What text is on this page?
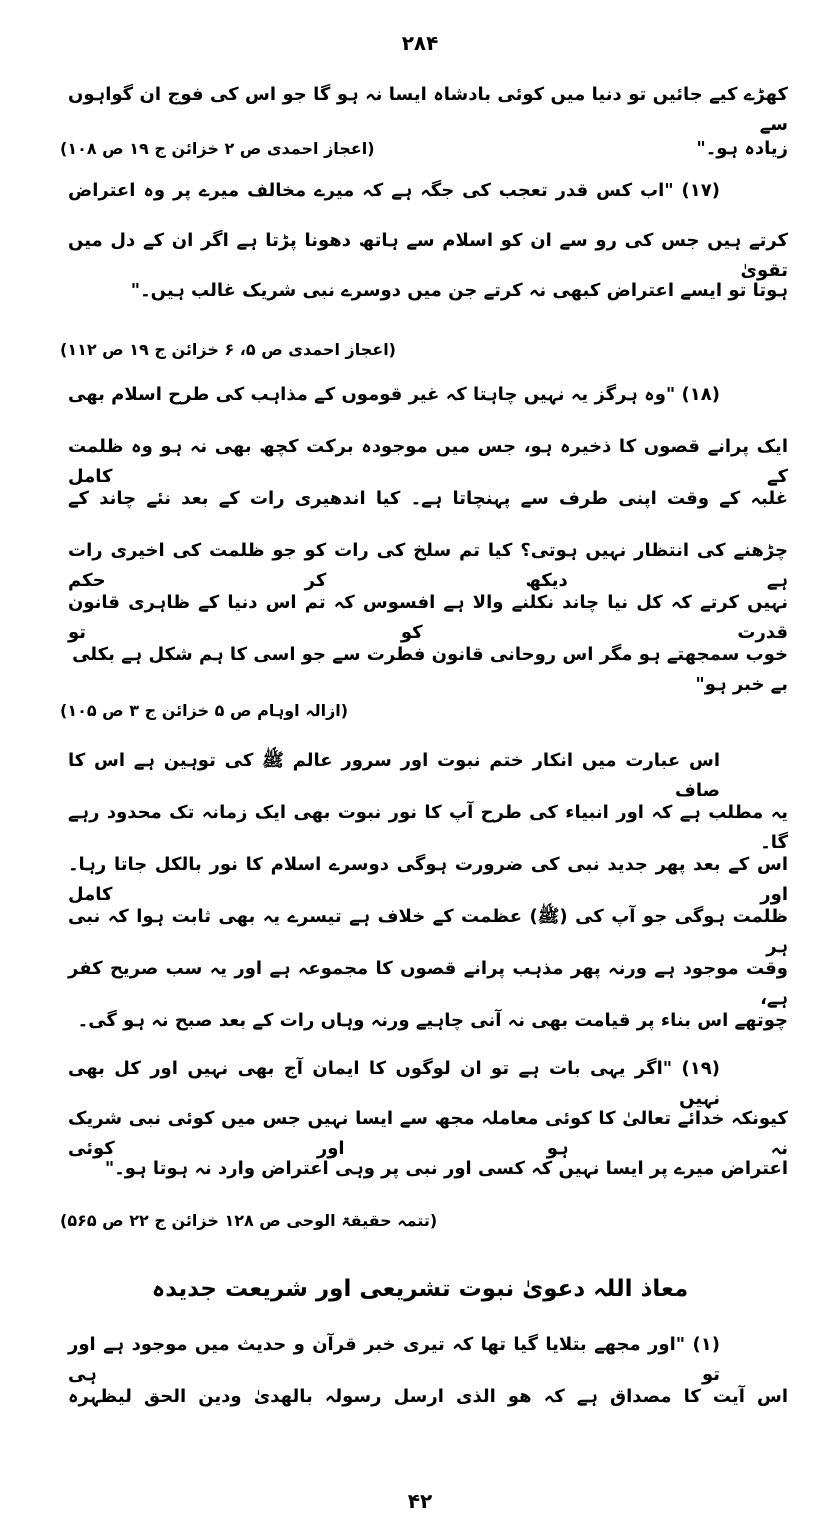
۲۸۴
کھڑے کیے جائیں تو دنیا میں کوئی بادشاہ ایسا نہ ہو گا جو اس کی فوج ان گواہوں سے
زیادہ ہو۔"
(اعجاز احمدی ص ۲ خزائن ج ۱۹ ص ۱۰۸)
(۱۷) "اب کس قدر تعجب کی جگہ ہے کہ میرے مخالف میرے پر وہ اعتراض
کرتے ہیں جس کی رو سے ان کو اسلام سے ہاتھ دھونا پڑتا ہے اگر ان کے دل میں تقویٰ
ہوتا تو ایسے اعتراض کبھی نہ کرتے جن میں دوسرے نبی شریک غالب ہیں۔"
(اعجاز احمدی ص ۵، ۶ خزائن ج ۱۹ ص ۱۱۲)
(۱۸) "وہ ہرگز یہ نہیں چاہتا کہ غیر قوموں کے مذاہب کی طرح اسلام بھی
ایک پرانے قصوں کا ذخیرہ ہو، جس میں موجودہ برکت کچھ بھی نہ ہو وہ ظلمت کے کامل
غلبہ کے وقت اپنی طرف سے پہنچاتا ہے۔ کیا اندھیری رات کے بعد نئے چاند کے
چڑھنے کی انتظار نہیں ہوتی؟ کیا تم سلخ کی رات کو جو ظلمت کی اخیری رات ہے دیکھ کر حکم
نہیں کرتے کہ کل نیا چاند نکلنے والا ہے افسوس کہ تم اس دنیا کے ظاہری قانون قدرت کو تو
خوب سمجھتے ہو مگر اس روحانی قانون فطرت سے جو اسی کا ہم شکل ہے بکلی بے خبر ہو"
(ازالہ اوہام ص ۵ خزائن ج ۳ ص ۱۰۵)
اس عبارت میں انکار ختم نبوت اور سرور عالم ﷺ کی توہین ہے اس کا صاف
یہ مطلب ہے کہ اور انبیاء کی طرح آپ کا نور نبوت بھی ایک زمانہ تک محدود رہے گا۔
اس کے بعد پھر جدید نبی کی ضرورت ہوگی دوسرے اسلام کا نور بالکل جاتا رہا۔ اور کامل
ظلمت ہوگی جو آپ کی (ﷺ) عظمت کے خلاف ہے تیسرے یہ بھی ثابت ہوا کہ نبی ہر
وقت موجود ہے ورنہ پھر مذہب پرانے قصوں کا مجموعہ ہے اور یہ سب صریح کفر ہے،
چوتھے اس بناء پر قیامت بھی نہ آنی چاہیے ورنہ وہاں رات کے بعد صبح نہ ہو گی۔
(۱۹) "اگر یہی بات ہے تو ان لوگوں کا ایمان آج بھی نہیں اور کل بھی نہیں
کیونکہ خدائے تعالیٰ کا کوئی معاملہ مجھ سے ایسا نہیں جس میں کوئی نبی شریک نہ ہو اور کوئی
اعتراض میرے پر ایسا نہیں کہ کسی اور نبی پر وہی اعتراض وارد نہ ہوتا ہو۔"
(تتمہ حقیقۃ الوحی ص ۱۲۸ خزائن ج ۲۲ ص ۵۶۵)
معاذ اللہ دعویٰ نبوت تشریعی اور شریعت جدیدہ
(۱) "اور مجھے بتلایا گیا تھا کہ تیری خبر قرآن و حدیث میں موجود ہے اور تو ہی
اس آیت کا مصداق ہے کہ ھو الذی ارسل رسولہ بالھدیٰ ودین الحق لیظہرہ
۴۲
